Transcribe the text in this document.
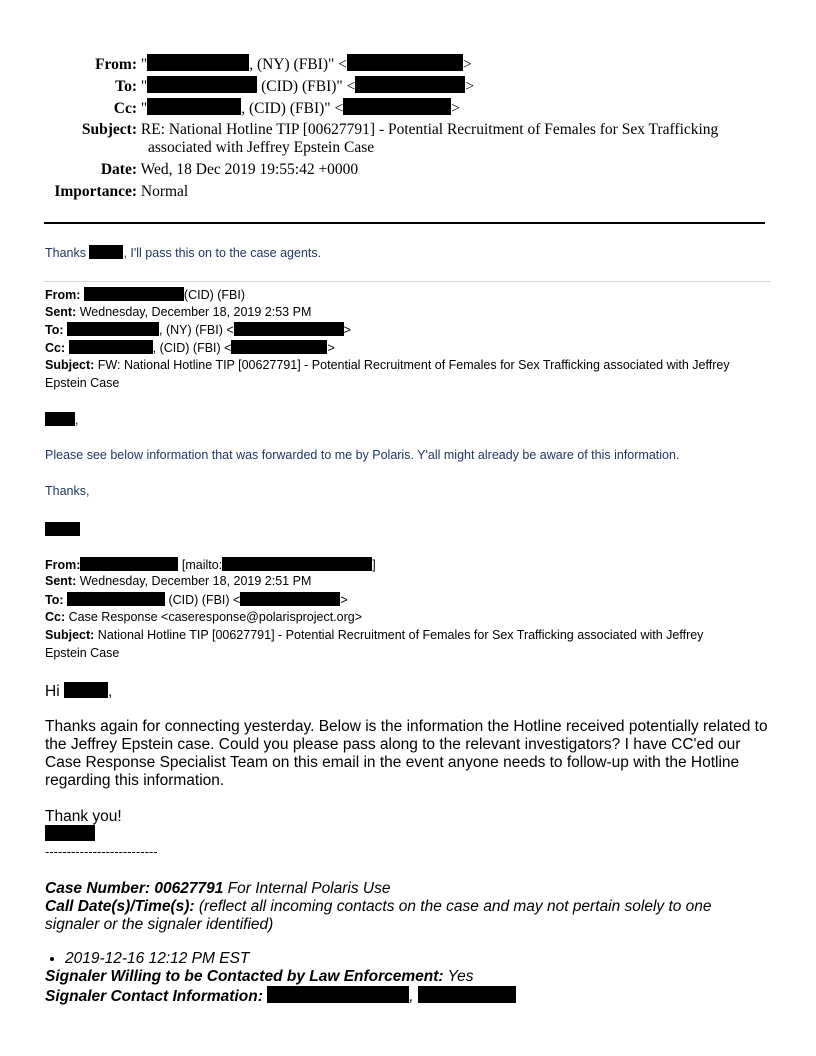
From: "	, (NY) (FBI)" <	>
To: "	(CID) (FBI)" <	>
Cc: "	, (CID) (FBI)" <	>
Subject: RE: National Hotline TIP [00627791] - Potential Recruitment of Females for Sex Trafficking
associated with Jeffrey Epstein Case
Date: Wed, 18 Dec 2019 19:55:42 +0000
Importance: Normal
Thanks	, I'll pass this on to the case agents.
From:	(CID) (FBI)
Sent: Wednesday, December 18, 2019 2:53 PM
To:	, (NY) (FBI) <	>
Cc:	, (CID) (FBI) <	>
Subject: FW: National Hotline TIP [00627791] - Potential Recruitment of Females for Sex Trafficking associated with Jeffrey
Epstein Case
,
Please see below information that was forwarded to me by Polaris. Y'all might already be aware of this information.
Thanks,
From:	[mailto:	]
Sent: Wednesday, December 18, 2019 2:51 PM
To:	(CID) (FBI) <	>
Cc: Case Response <caseresponse@polarisproject.org>
Subject: National Hotline TIP [00627791] - Potential Recruitment of Females for Sex Trafficking associated with Jeffrey
Epstein Case
Hi	,
Thanks again for connecting yesterday. Below is the information the Hotline received potentially related to the Jeffrey Epstein case. Could you please pass along to the relevant investigators? I have CC'ed our Case Response Specialist Team on this email in the event anyone needs to follow-up with the Hotline regarding this information.
Thank you!
--------------------------
Case Number: 00627791 For Internal Polaris Use
Call Date(s)/Time(s): (reflect all incoming contacts on the case and may not pertain solely to one signaler or the signaler identified)
• 2019-12-16 12:12 PM EST
Signaler Willing to be Contacted by Law Enforcement: Yes
Signaler Contact Information:	,
